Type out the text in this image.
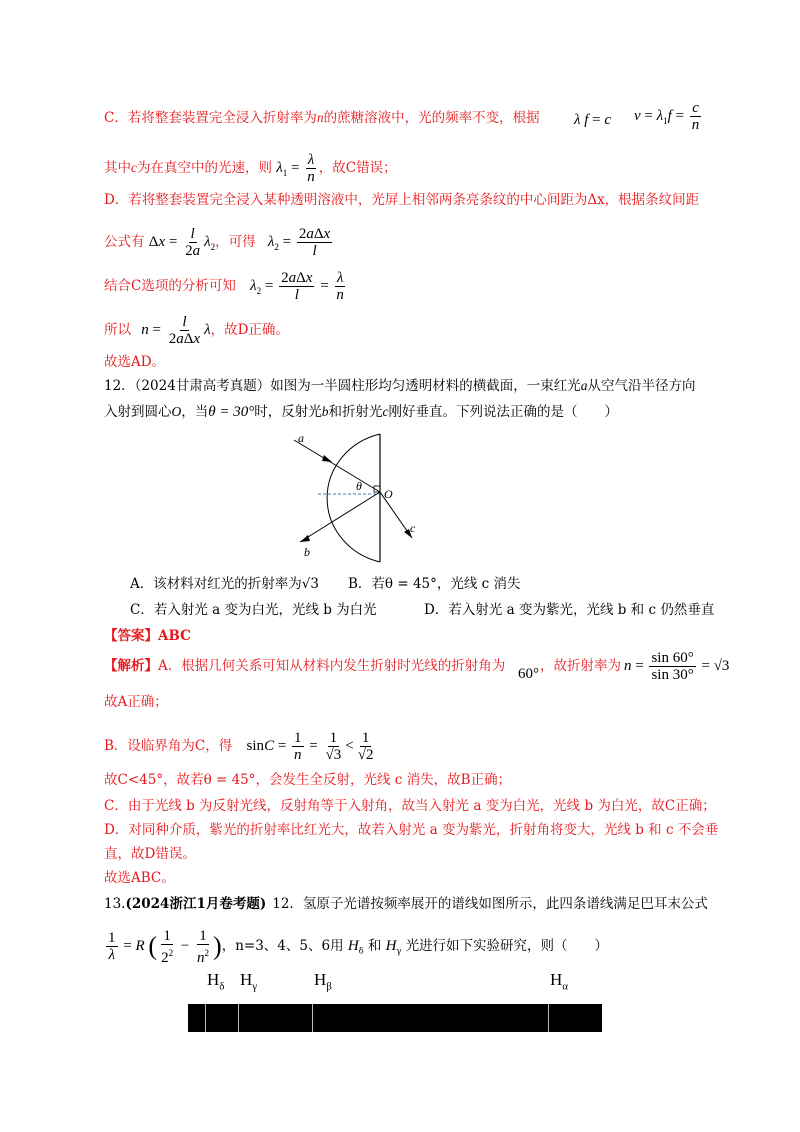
C．若将整套装置完全浸入折射率为n的蔗糖溶液中，光的频率不变，根据 λ f = c $v = \lambda_1f = \frac{c}{n}$
其中c为在真空中的光速，则 $\lambda_1 = \frac{\lambda}{n}$ ，故C错误；
D．若将整套装置完全浸入某种透明溶液中，光屏上相邻两条亮条纹的中心间距为Δx，根据条纹间距
公式有 $\Delta x = \frac{l}{2a} \lambda_2$，可得 $\lambda_2 = \frac{\text{2aΔx}}{l}$
结合C选项的分析可知 $\lambda_2 = \frac{\text{2aΔx}}{l} = \frac{\lambda}{n}$
所以 $n = \frac{l}{\text{2aΔx}}$ λ，故D正确。
故选AD。
12．（2024甘肃高考真题）如图为一半圆柱形均匀透明材料的横截面，一束红光a从空气沿半径方向
入射到圆心O，当θ = 30°时，反射光b和折射光c刚好垂直。下列说法正确的是（　　）
a
b
c
O
θ
A．该材料对红光的折射率为√3 B．若θ = 45°，光线 c 消失
C．若入射光 a 变为白光，光线 b 为白光	D．若入射光 a 变为紫光，光线 b 和 c 仍然垂直
【答案】ABC
【解析】A．根据几何关系可知从材料内发生折射时光线的折射角为 60° ，故折射率为 $n = \frac{\sin 60^\circ}{\sin 30^\circ} = √3$
故A正确；
B．设临界角为C，得 $\sin C = \frac{1}{n} = \frac{1}{√3} < \frac{1}{√2}$
故C<45°，故若θ = 45°，会发生全反射，光线 c 消失，故B正确；
C．由于光线 b 为反射光线，反射角等于入射角，故当入射光 a 变为白光，光线 b 为白光，故C正确；
D．对同种介质，紫光的折射率比红光大，故若入射光 a 变为紫光，折射角将变大，光线 b 和 c 不会垂
直，故D错误。
故选ABC。
13.(2024浙江1月卷考题) 12．氢原子光谱按频率展开的谱线如图所示，此四条谱线满足巴耳末公式
$\frac{1}{\lambda} = R$ ( $\frac{1}{2^2} - \frac{1}{n^2}$ )，n=3、4、5、6用 $H_\delta$ 和 $H_\gamma$ 光进行如下实验研究，则（　　）
$H_\delta$ $H_\gamma$	$H_\beta$	$H_\alpha$
